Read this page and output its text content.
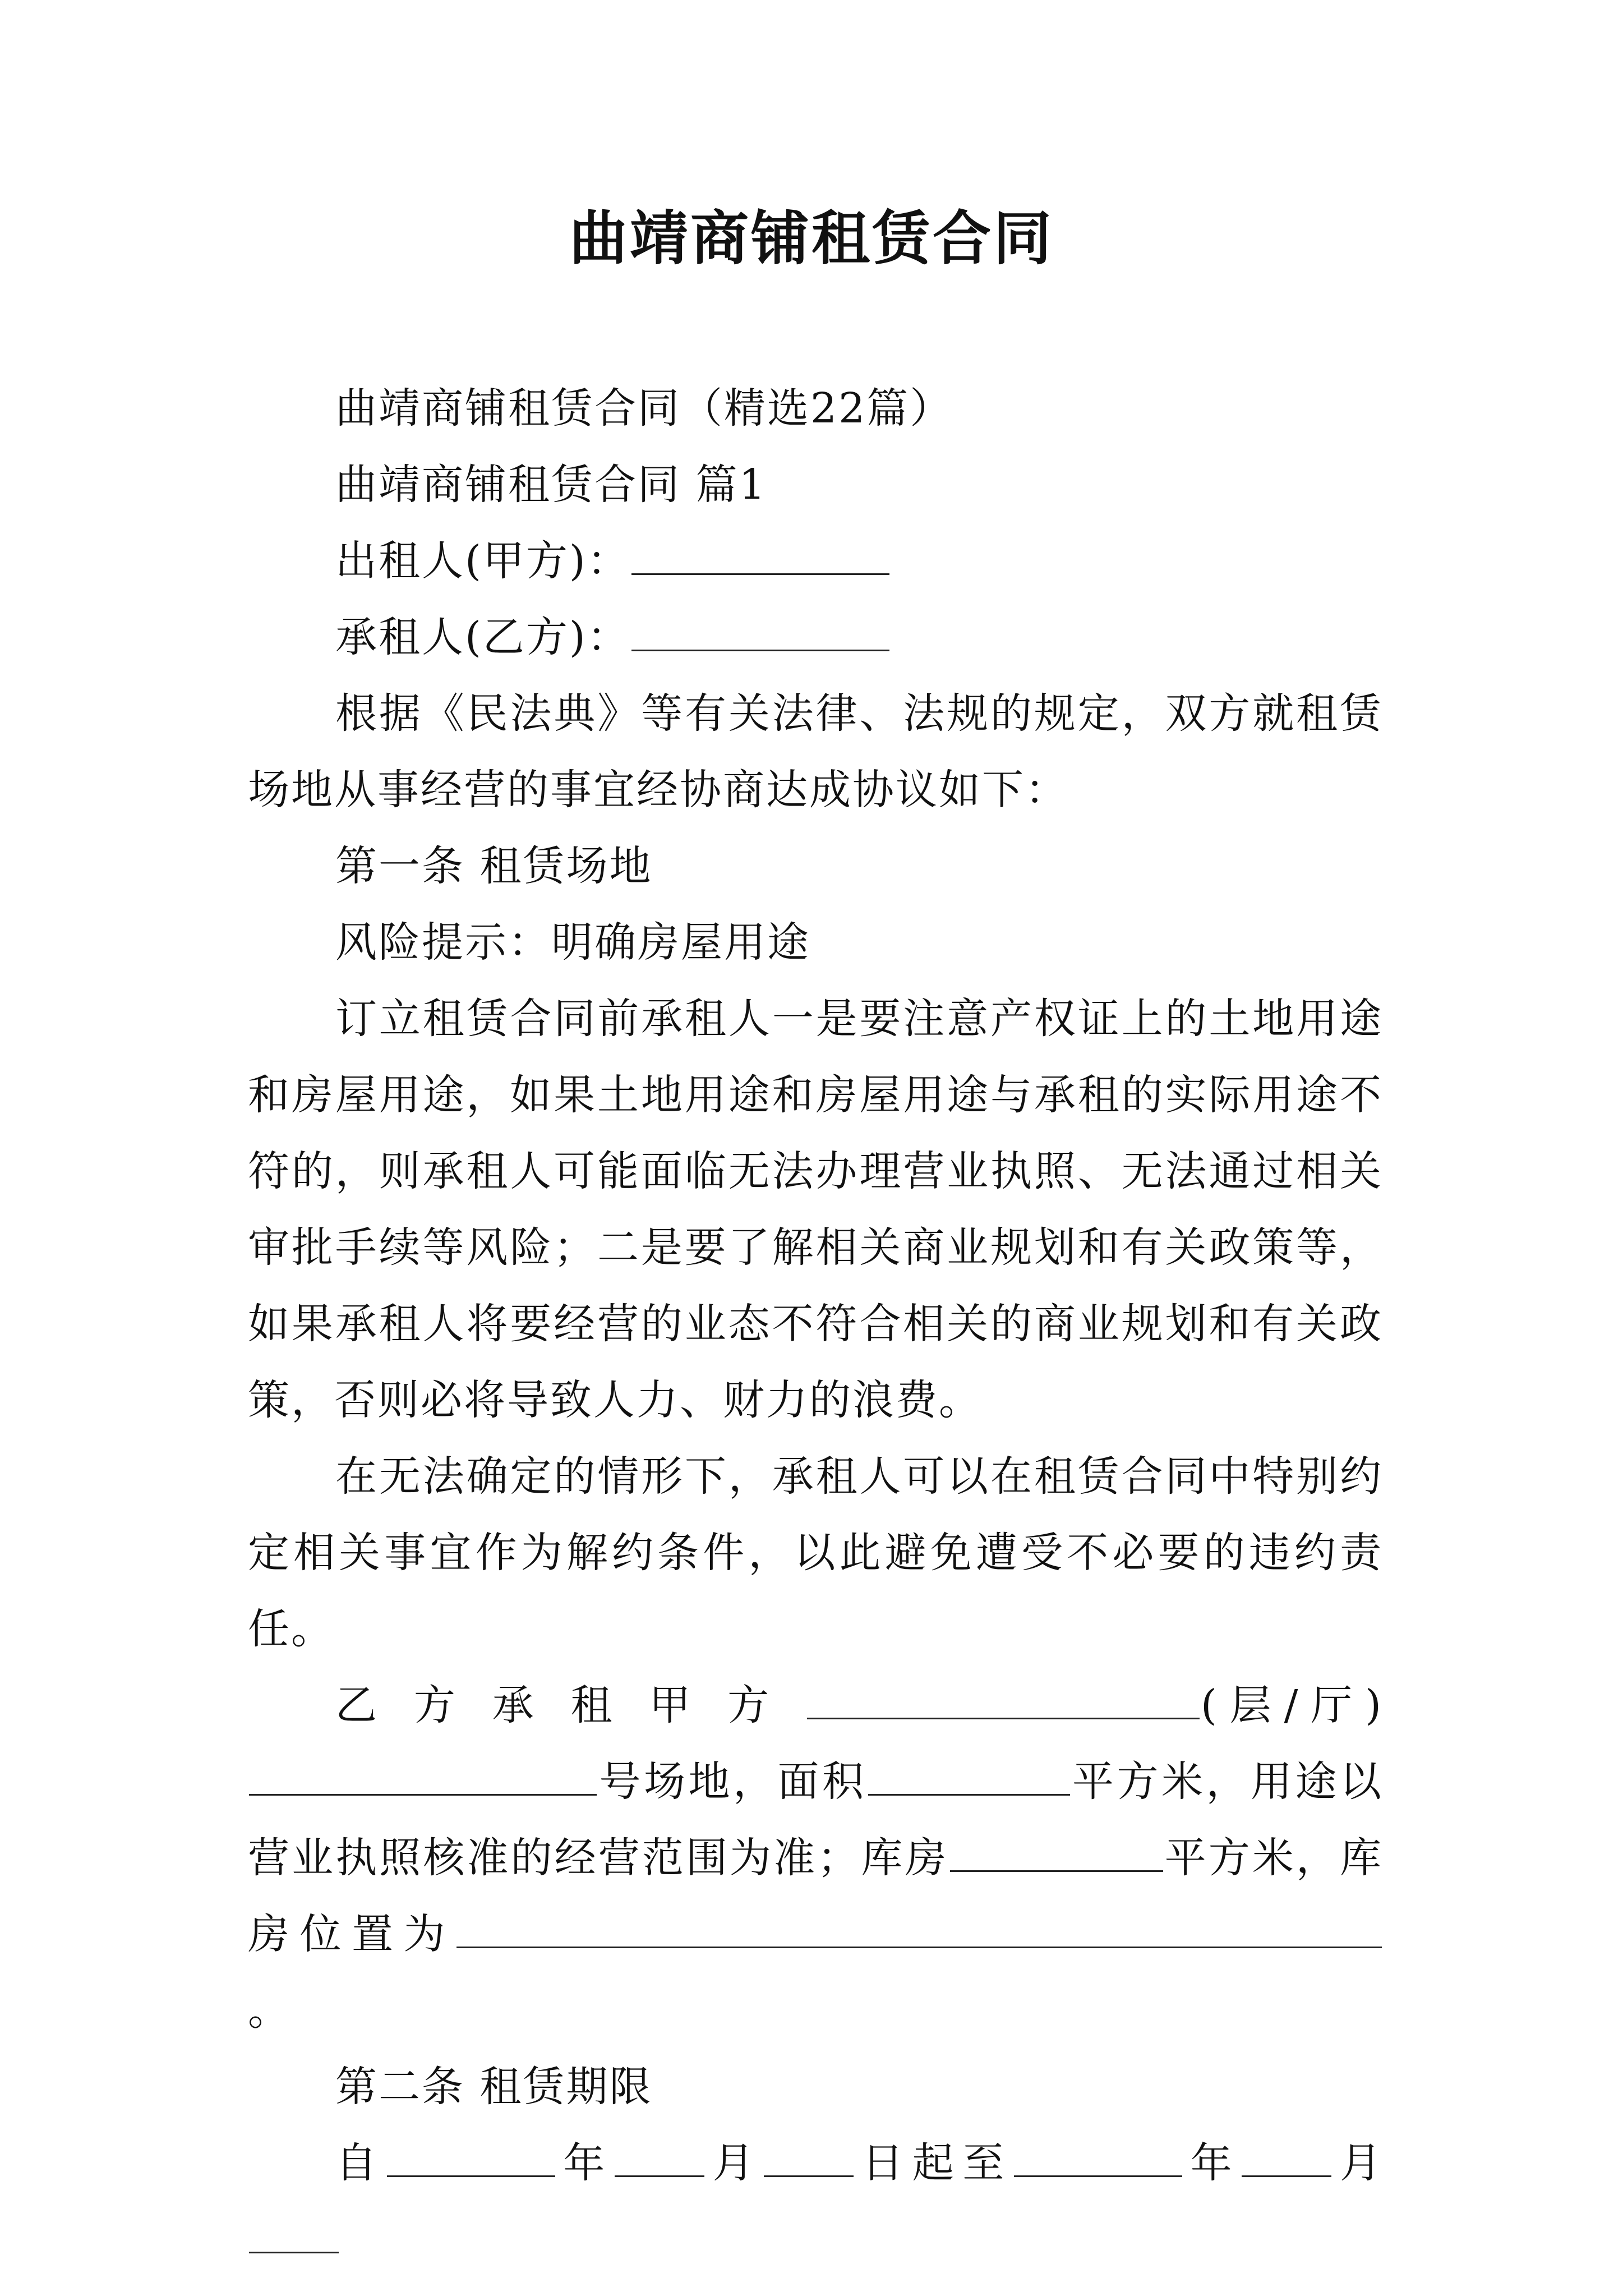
曲靖商铺租赁合同

曲靖商铺租赁合同（精选22篇）

曲靖商铺租赁合同 篇1

出租人(甲方)：

承租人(乙方)：

根据《民法典》等有关法律、法规的规定，双方就租赁场地从事经营的事宜经协商达成协议如下：

第一条 租赁场地

风险提示：明确房屋用途

订立租赁合同前承租人一是要注意产权证上的土地用途和房屋用途，如果土地用途和房屋用途与承租的实际用途不符的，则承租人可能面临无法办理营业执照、无法通过相关审批手续等风险；二是要了解相关商业规划和有关政策等，如果承租人将要经营的业态不符合相关的商业规划和有关政策，否则必将导致人力、财力的浪费。

在无法确定的情形下，承租人可以在租赁合同中特别约定相关事宜作为解约条件，以此避免遭受不必要的违约责任。

乙方承租甲方	(层/厅)号场地，面积	平方米，用途以营业执照核准的经营范围为准；库房	平方米，库房位置为。

第二条 租赁期限

自	年 月 日起至	年 月
